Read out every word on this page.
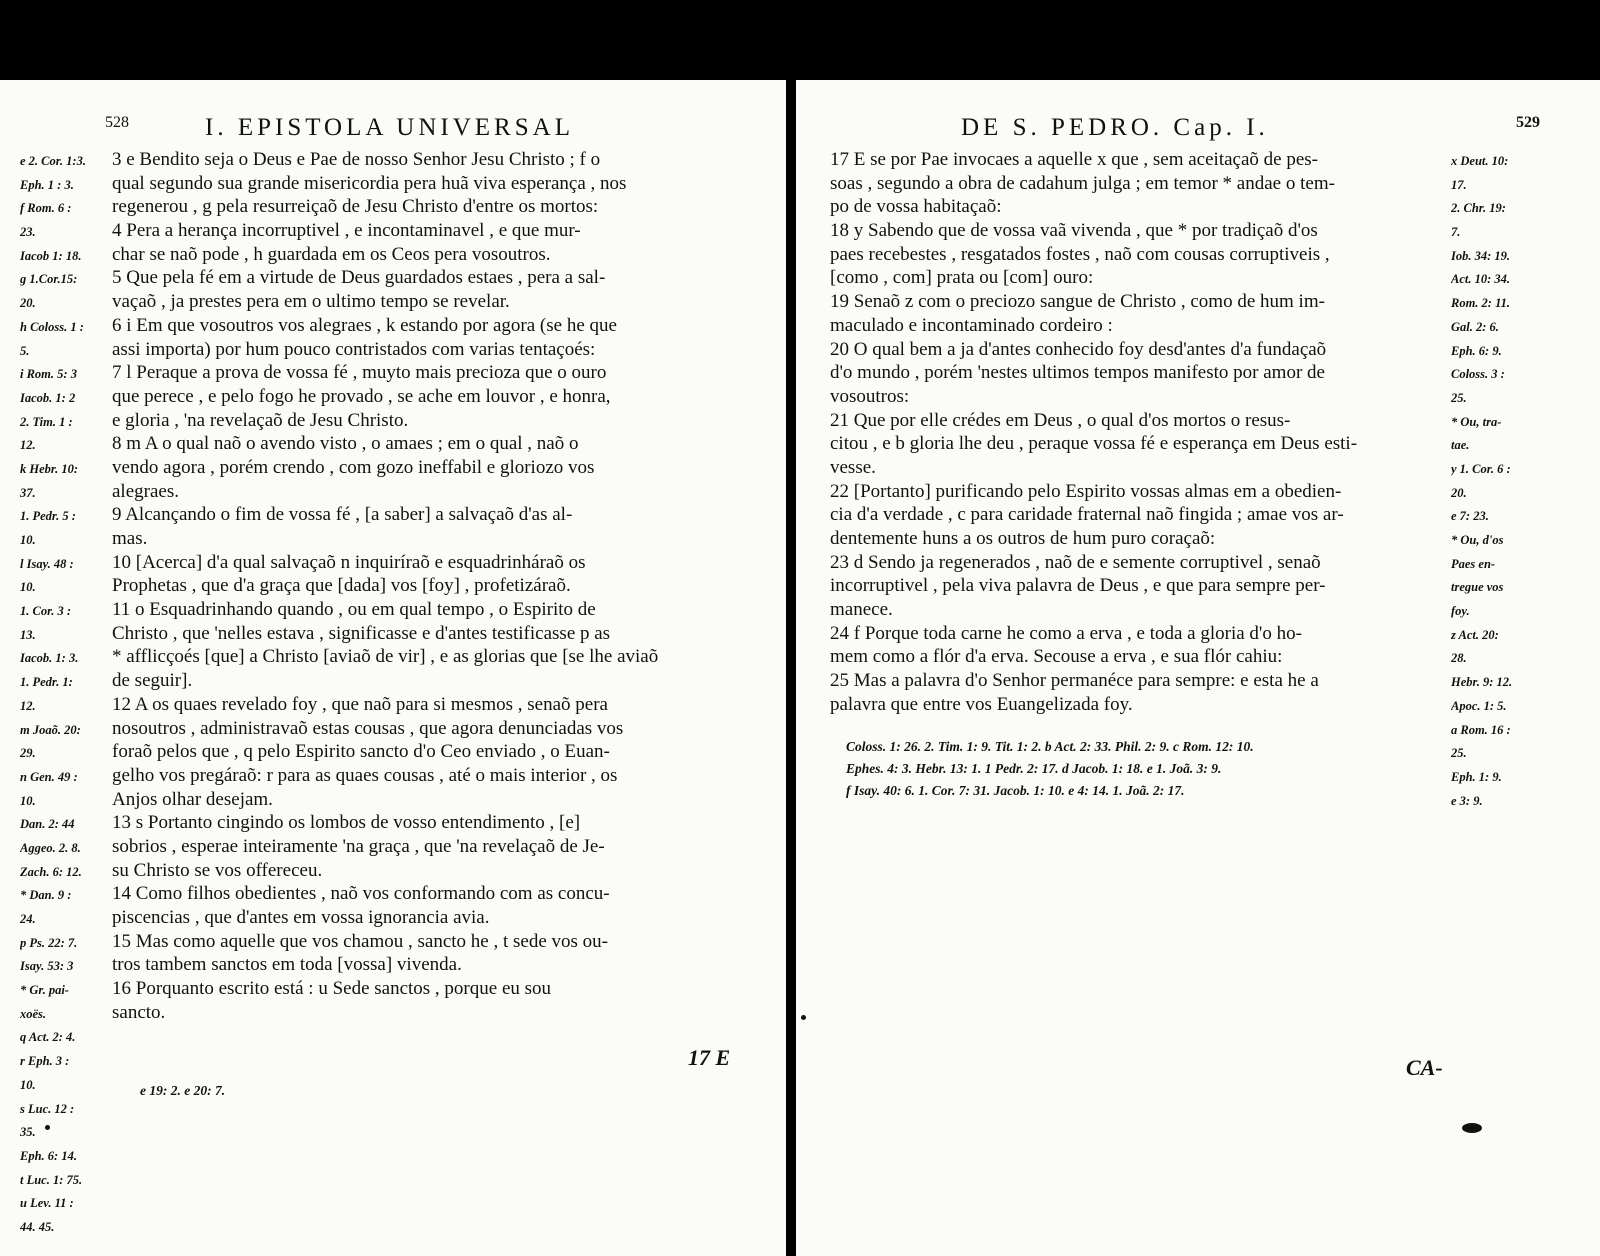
528	I. EPISTOLA UNIVERSAL
e 2. Cor. 1:3.
Eph. 1 : 3.
f Rom. 6 :
23.
Iacob 1: 18.
g 1.Cor.15:
20.
h Coloss. 1 :
5.
i Rom. 5: 3
Iacob. 1: 2
2. Tim. 1 :
12.
k Hebr. 10:
37.
1. Pedr. 5 :
10.
l Isay. 48 :
10.
1. Cor. 3 :
13.
Iacob. 1: 3.
1. Pedr. 1:
12.
m Joaõ. 20:
29.
n Gen. 49 :
10.
Dan. 2: 44
Aggeo. 2. 8.
Zach. 6: 12.
* Dan. 9 :
24.
p Ps. 22: 7.
Isay. 53: 3
* Gr. pai-
xoës.
q Act. 2: 4.
r Eph. 3 :
10.
s Luc. 12 :
35.
Eph. 6: 14.
t Luc. 1: 75.
u Lev. 11 :
44. 45.
3 e Bendito seja o Deus e Pae de nosso Senhor Jesu Christo ; f o
qual segundo sua grande misericordia pera huã viva esperança , nos
regenerou , g pela resurreiçaõ de Jesu Christo d'entre os mortos:
4 Pera a herança incorruptivel , e incontaminavel , e que mur-
char se naõ pode , h guardada em os Ceos pera vosoutros.
5 Que pela fé em a virtude de Deus guardados estaes , pera a sal-
vaçaõ , ja prestes pera em o ultimo tempo se revelar.
6 i Em que vosoutros vos alegraes , k estando por agora (se he que
assi importa) por hum pouco contristados com varias tentaçoés:
7 l Peraque a prova de vossa fé , muyto mais precioza que o ouro
que perece , e pelo fogo he provado , se ache em louvor , e honra,
e gloria , 'na revelaçaõ de Jesu Christo.
8 m A o qual naõ o avendo visto , o amaes ; em o qual , naõ o
vendo agora , porém crendo , com gozo ineffabil e gloriozo vos
alegraes.
9 Alcançando o fim de vossa fé , [a saber] a salvaçaõ d'as al-
mas.
10 [Acerca] d'a qual salvaçaõ n inquiríraõ e esquadrinháraõ os
Prophetas , que d'a graça que [dada] vos [foy] , profetizáraõ.
11 o Esquadrinhando quando , ou em qual tempo , o Espirito de
Christo , que 'nelles estava , significasse e d'antes testificasse p as
* afflicçoés [que] a Christo [aviaõ de vir] , e as glorias que [se lhe aviaõ
de seguir].
12 A os quaes revelado foy , que naõ para si mesmos , senaõ pera
nosoutros , administravaõ estas cousas , que agora denunciadas vos
foraõ pelos que , q pelo Espirito sancto d'o Ceo enviado , o Euan-
gelho vos pregáraõ: r para as quaes cousas , até o mais interior , os
Anjos olhar desejam.
13 s Portanto cingindo os lombos de vosso entendimento , [e]
sobrios , esperae inteiramente 'na graça , que 'na revelaçaõ de Je-
su Christo se vos offereceu.
14 Como filhos obedientes , naõ vos conformando com as concu-
piscencias , que d'antes em vossa ignorancia avia.
15 Mas como aquelle que vos chamou , sancto he , t sede vos ou-
tros tambem sanctos em toda [vossa] vivenda.
16 Porquanto escrito está : u Sede sanctos , porque eu sou
sancto.
e 19: 2. e 20: 7.
17 E
DE S. PEDRO. Cap. I.	529
17 E se por Pae invocaes a aquelle x que , sem aceitaçaõ de pes-
soas , segundo a obra de cadahum julga ; em temor * andae o tem-
po de vossa habitaçaõ:
18 y Sabendo que de vossa vaã vivenda , que * por tradiçaõ d'os
paes recebestes , resgatados fostes , naõ com cousas corruptiveis ,
[como , com] prata ou [com] ouro:
19 Senaõ z com o preciozo sangue de Christo , como de hum im-
maculado e incontaminado cordeiro :
20 O qual bem a ja d'antes conhecido foy desd'antes d'a fundaçaõ
d'o mundo , porém 'nestes ultimos tempos manifesto por amor de
vosoutros:
21 Que por elle crédes em Deus , o qual d'os mortos o resus-
citou , e b gloria lhe deu , peraque vossa fé e esperança em Deus esti-
vesse.
22 [Portanto] purificando pelo Espirito vossas almas em a obedien-
cia d'a verdade , c para caridade fraternal naõ fingida ; amae vos ar-
dentemente huns a os outros de hum puro coraçaõ:
23 d Sendo ja regenerados , naõ de e semente corruptivel , senaõ
incorruptivel , pela viva palavra de Deus , e que para sempre per-
manece.
24 f Porque toda carne he como a erva , e toda a gloria d'o ho-
mem como a flór d'a erva. Secouse a erva , e sua flór cahiu:
25 Mas a palavra d'o Senhor permanéce para sempre: e esta he a
palavra que entre vos Euangelizada foy.
x Deut. 10:
17.
2. Chr. 19:
7.
Iob. 34: 19.
Act. 10: 34.
Rom. 2: 11.
Gal. 2: 6.
Eph. 6: 9.
Coloss. 3 :
25.
* Ou, tra-
tae.
y 1. Cor. 6 :
20.
e 7: 23.
* Ou, d'os
Paes en-
tregue vos
foy.
z Act. 20:
28.
Hebr. 9: 12.
Apoc. 1: 5.
a Rom. 16 :
25.
Eph. 1: 9.
e 3: 9.
Coloss. 1: 26. 2. Tim. 1: 9. Tit. 1: 2. b Act. 2: 33. Phil. 2: 9. c Rom. 12: 10.
Ephes. 4: 3. Hebr. 13: 1. 1 Pedr. 2: 17. d Jacob. 1: 18. e 1. Joã. 3: 9.
f Isay. 40: 6. 1. Cor. 7: 31. Jacob. 1: 10. e 4: 14. 1. Joã. 2: 17.
CA-
